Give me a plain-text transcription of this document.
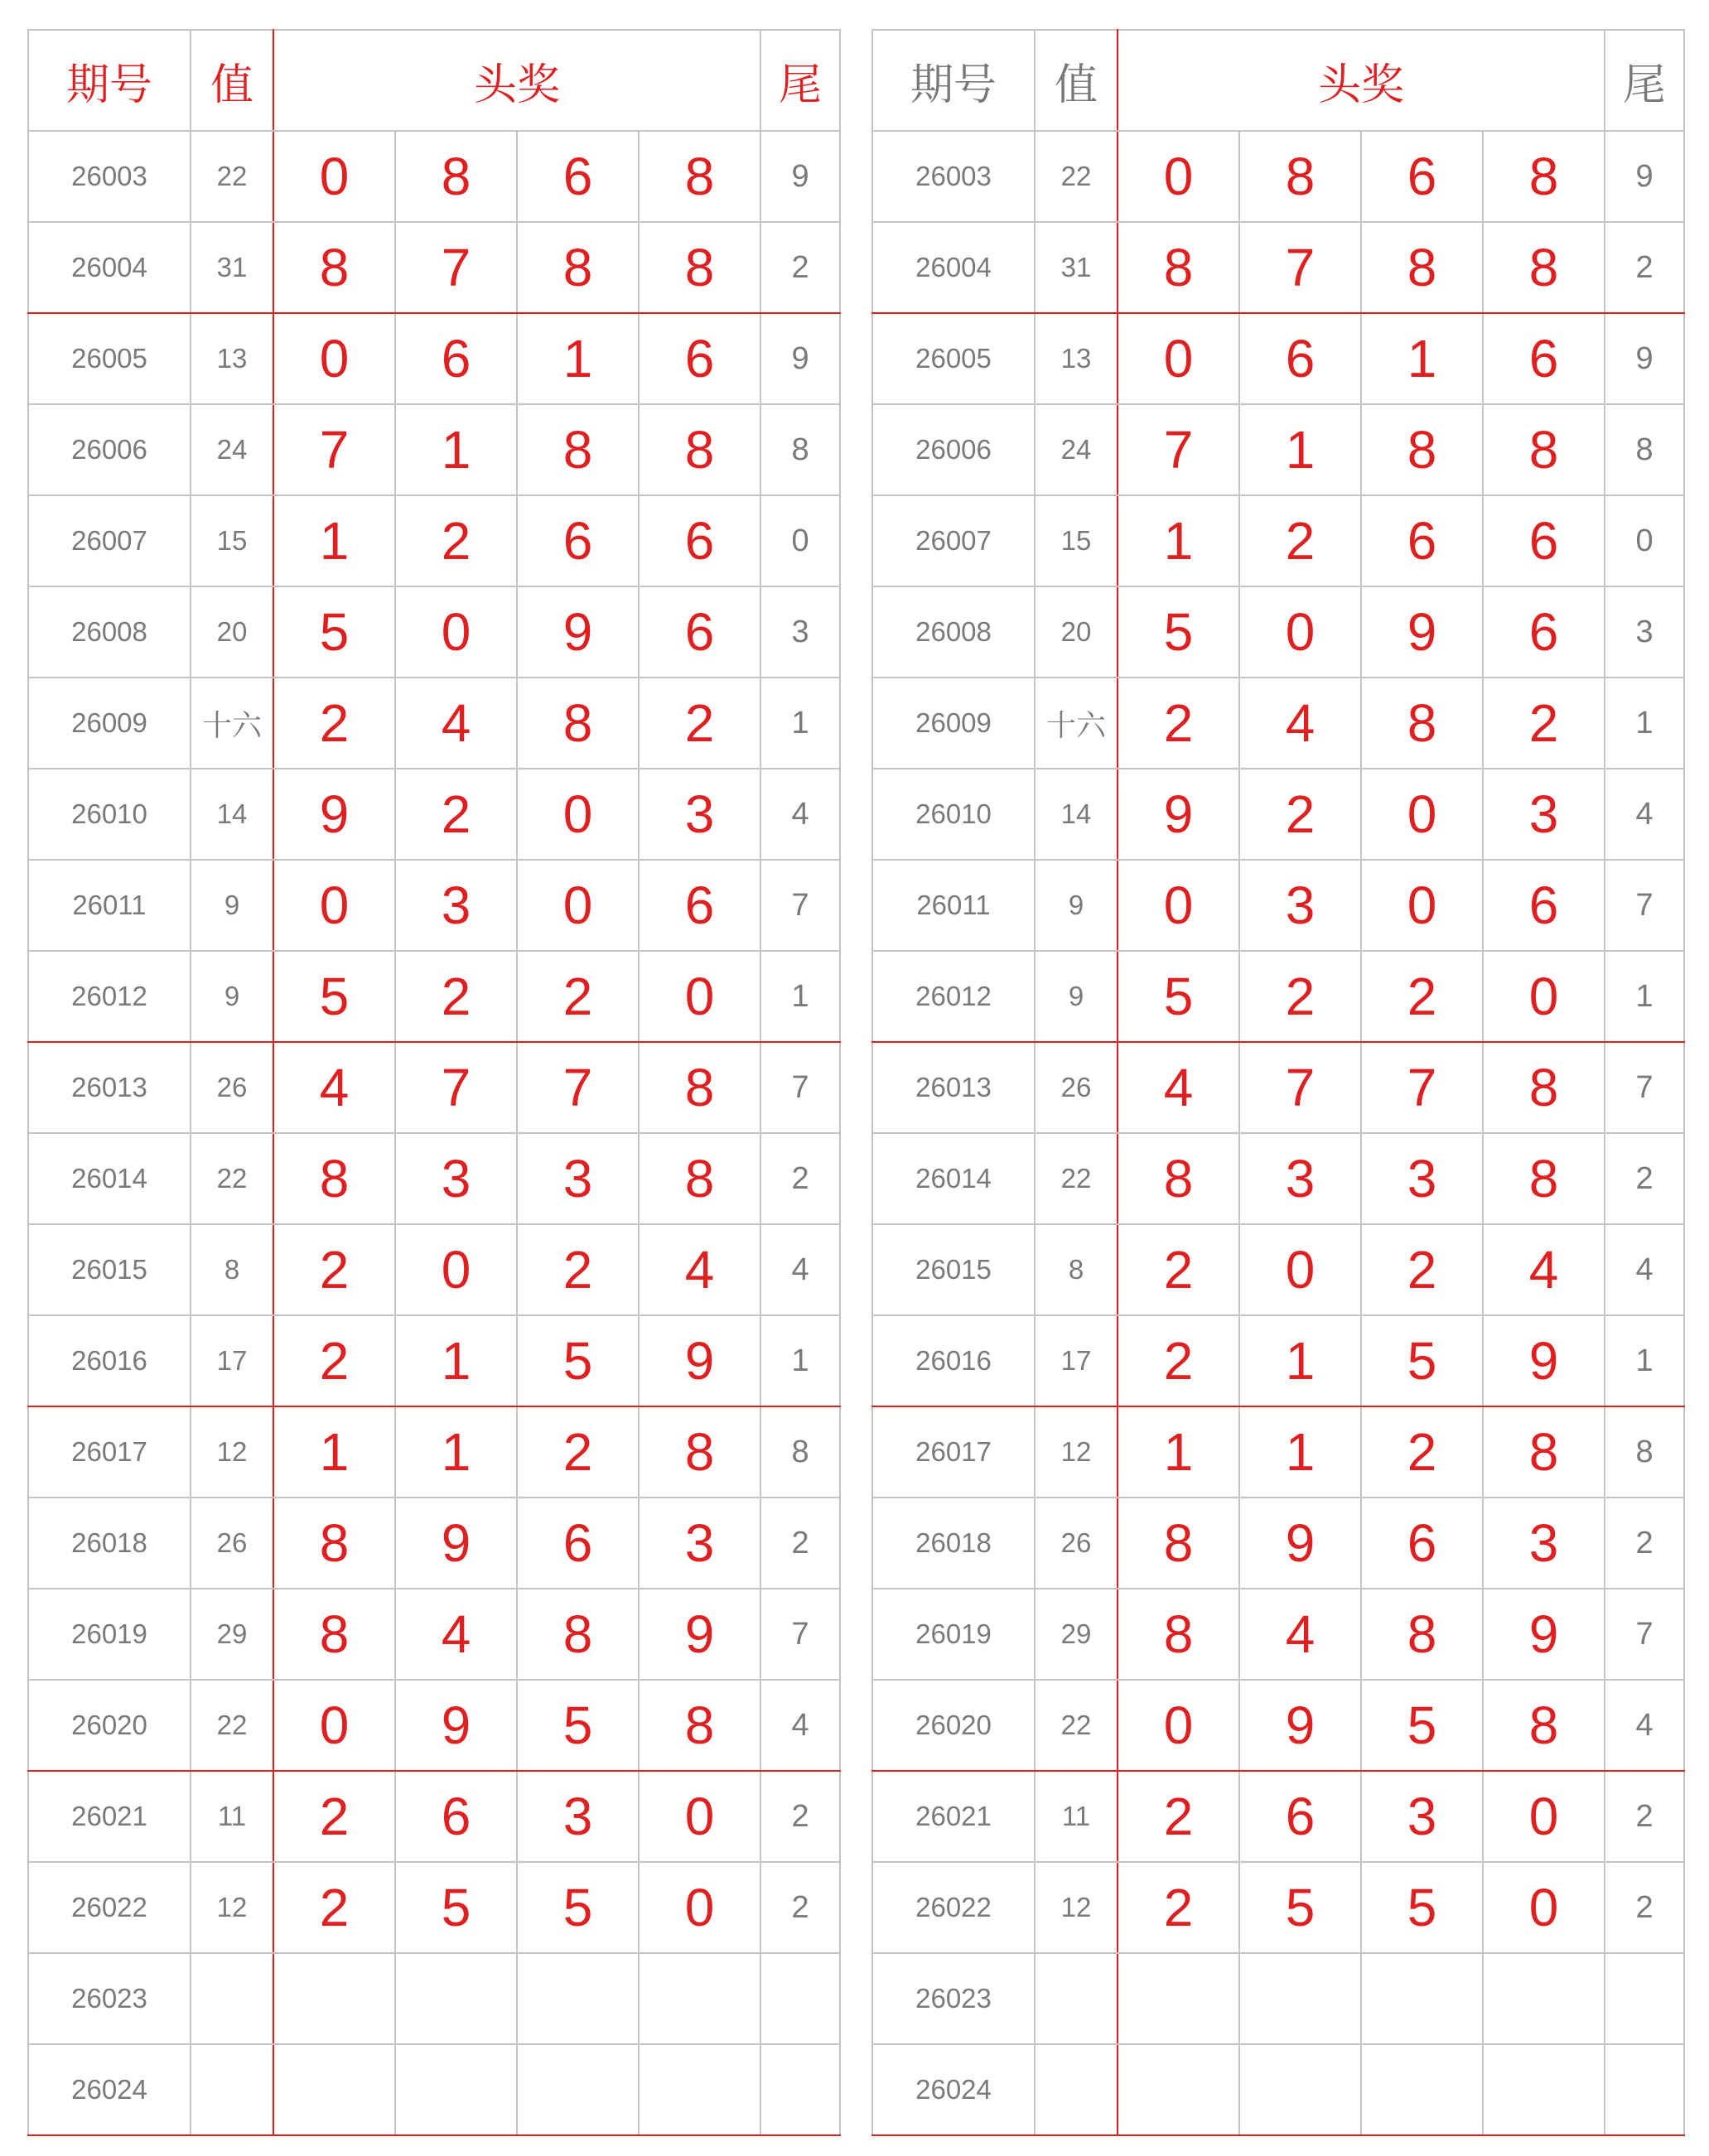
期号	值	头奖				尾
26003	22	0	8	6	8	9
26004	31	8	7	8	8	2
26005	13	0	6	1	6	9
26006	24	7	1	8	8	8
26007	15	1	2	6	6	0
26008	20	5	0	9	6	3
26009	十六	2	4	8	2	1
26010	14	9	2	0	3	4
26011	9	0	3	0	6	7
26012	9	5	2	2	0	1
26013	26	4	7	7	8	7
26014	22	8	3	3	8	2
26015	8	2	0	2	4	4
26016	17	2	1	5	9	1
26017	12	1	1	2	8	8
26018	26	8	9	6	3	2
26019	29	8	4	8	9	7
26020	22	0	9	5	8	4
26021	11	2	6	3	0	2
26022	12	2	5	5	0	2
26023						
26024						
期号	值	头奖				尾
26003	22	0	8	6	8	9
26004	31	8	7	8	8	2
26005	13	0	6	1	6	9
26006	24	7	1	8	8	8
26007	15	1	2	6	6	0
26008	20	5	0	9	6	3
26009	十六	2	4	8	2	1
26010	14	9	2	0	3	4
26011	9	0	3	0	6	7
26012	9	5	2	2	0	1
26013	26	4	7	7	8	7
26014	22	8	3	3	8	2
26015	8	2	0	2	4	4
26016	17	2	1	5	9	1
26017	12	1	1	2	8	8
26018	26	8	9	6	3	2
26019	29	8	4	8	9	7
26020	22	0	9	5	8	4
26021	11	2	6	3	0	2
26022	12	2	5	5	0	2
26023						
26024						
